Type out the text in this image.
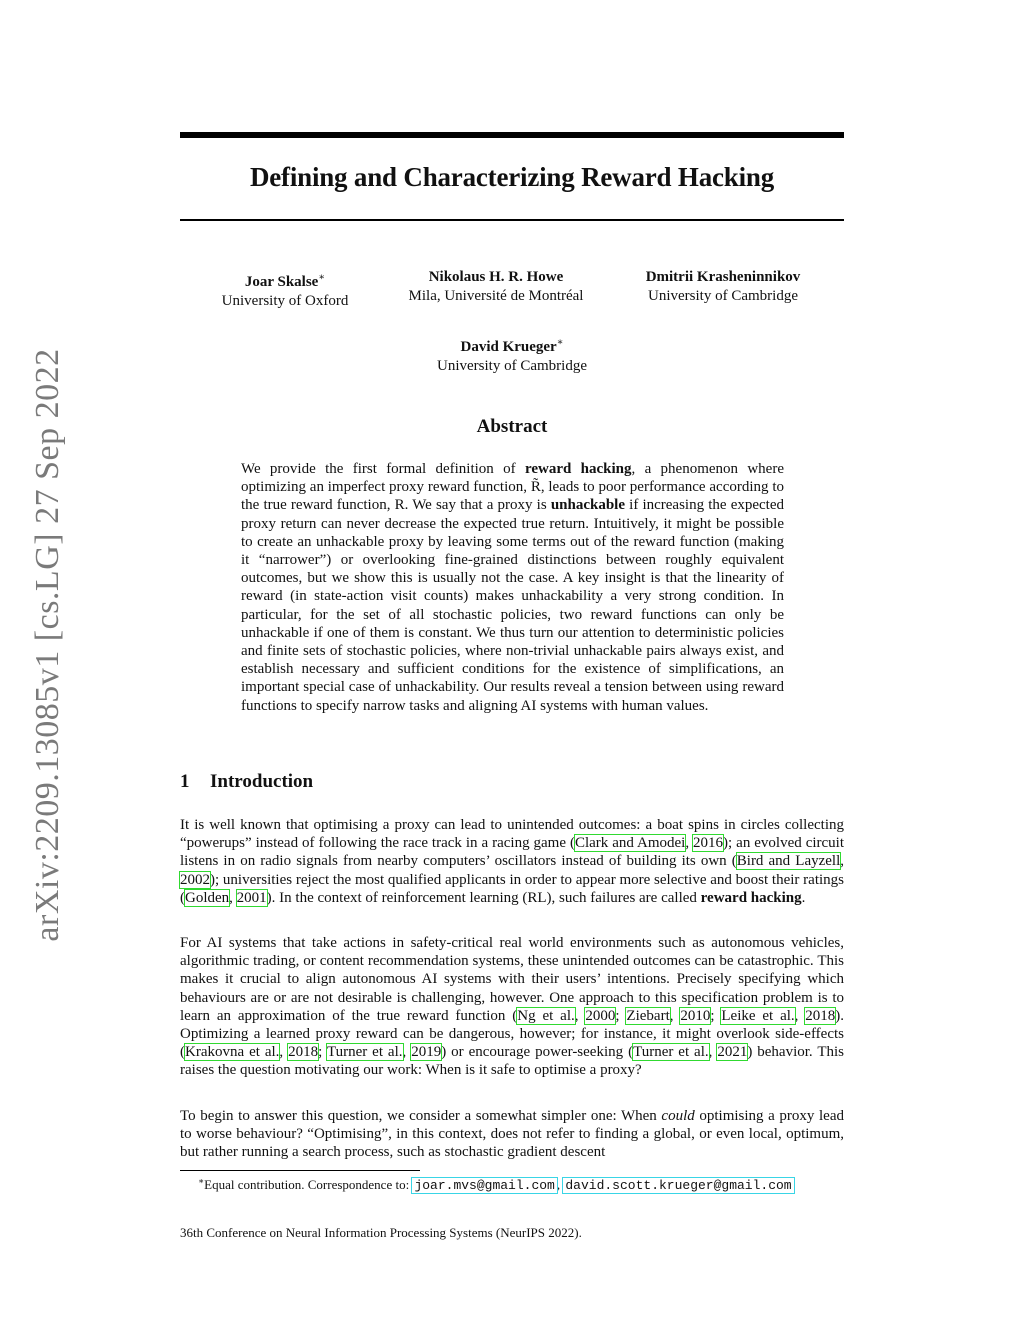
arXiv:2209.13085v1 [cs.LG] 27 Sep 2022
Defining and Characterizing Reward Hacking
Joar Skalse∗
University of Oxford
Nikolaus H. R. Howe
Mila, Université de Montréal
Dmitrii Krasheninnikov
University of Cambridge
David Krueger∗
University of Cambridge
Abstract
We provide the first formal definition of reward hacking, a phenomenon where optimizing an imperfect proxy reward function, R̃, leads to poor performance according to the true reward function, R. We say that a proxy is unhackable if increasing the expected proxy return can never decrease the expected true return. Intuitively, it might be possible to create an unhackable proxy by leaving some terms out of the reward function (making it “narrower”) or overlooking fine-grained distinctions between roughly equivalent outcomes, but we show this is usually not the case. A key insight is that the linearity of reward (in state-action visit counts) makes unhackability a very strong condition. In particular, for the set of all stochastic policies, two reward functions can only be unhackable if one of them is constant. We thus turn our attention to deterministic policies and finite sets of stochastic policies, where non-trivial unhackable pairs always exist, and establish necessary and sufficient conditions for the existence of simplifications, an important special case of unhackability. Our results reveal a tension between using reward functions to specify narrow tasks and aligning AI systems with human values.
1 Introduction

It is well known that optimising a proxy can lead to unintended outcomes: a boat spins in circles collecting “powerups” instead of following the race track in a racing game (Clark and Amodei, 2016); an evolved circuit listens in on radio signals from nearby computers’ oscillators instead of building its own (Bird and Layzell, 2002); universities reject the most qualified applicants in order to appear more selective and boost their ratings (Golden, 2001). In the context of reinforcement learning (RL), such failures are called reward hacking.

For AI systems that take actions in safety-critical real world environments such as autonomous vehicles, algorithmic trading, or content recommendation systems, these unintended outcomes can be catastrophic. This makes it crucial to align autonomous AI systems with their users’ intentions. Precisely specifying which behaviours are or are not desirable is challenging, however. One approach to this specification problem is to learn an approximation of the true reward function (Ng et al., 2000; Ziebart, 2010; Leike et al., 2018). Optimizing a learned proxy reward can be dangerous, however; for instance, it might overlook side-effects (Krakovna et al., 2018; Turner et al., 2019) or encourage power-seeking (Turner et al., 2021) behavior. This raises the question motivating our work: When is it safe to optimise a proxy?

To begin to answer this question, we consider a somewhat simpler one: When could optimising a proxy lead to worse behaviour? “Optimising”, in this context, does not refer to finding a global, or even local, optimum, but rather running a search process, such as stochastic gradient descent

∗Equal contribution. Correspondence to: joar.mvs@gmail.com , david.scott.krueger@gmail.com
36th Conference on Neural Information Processing Systems (NeurIPS 2022).
